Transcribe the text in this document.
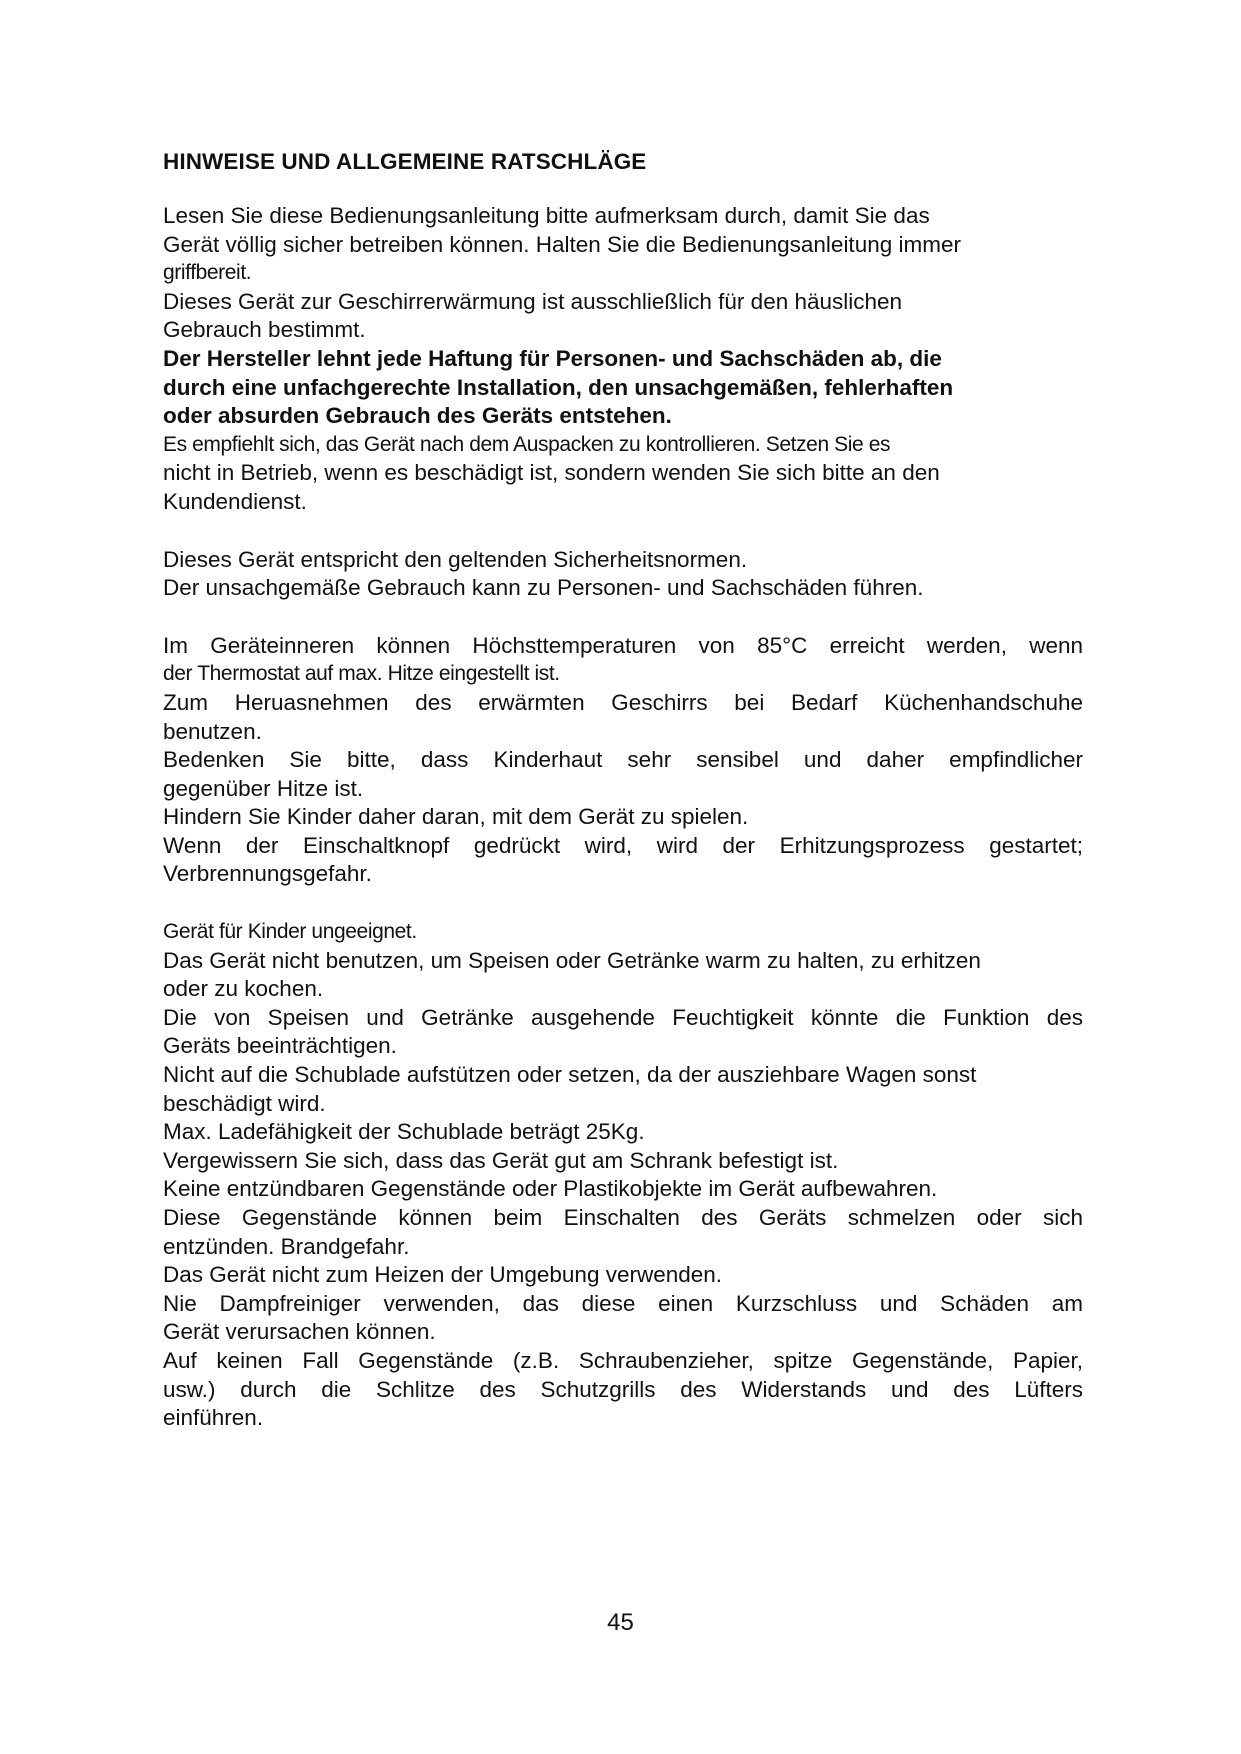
HINWEISE UND ALLGEMEINE RATSCHLÄGE
Lesen Sie diese Bedienungsanleitung bitte aufmerksam durch, damit Sie das
Gerät völlig sicher betreiben können. Halten Sie die Bedienungsanleitung immer
griffbereit.
Dieses Gerät zur Geschirrerwärmung ist ausschließlich für den häuslichen
Gebrauch bestimmt.
Der Hersteller lehnt jede Haftung für Personen- und Sachschäden ab, die
durch eine unfachgerechte Installation, den unsachgemäßen, fehlerhaften
oder absurden Gebrauch des Geräts entstehen.
Es empfiehlt sich, das Gerät nach dem Auspacken zu kontrollieren. Setzen Sie es
nicht in Betrieb, wenn es beschädigt ist, sondern wenden Sie sich bitte an den
Kundendienst.
Dieses Gerät entspricht den geltenden Sicherheitsnormen.
Der unsachgemäße Gebrauch kann zu Personen- und Sachschäden führen.
Im Geräteinneren können Höchsttemperaturen von 85°C erreicht werden, wenn
der Thermostat auf max. Hitze eingestellt ist.
Zum Heruasnehmen des erwärmten Geschirrs bei Bedarf Küchenhandschuhe
benutzen.
Bedenken Sie bitte, dass Kinderhaut sehr sensibel und daher empfindlicher
gegenüber Hitze ist.
Hindern Sie Kinder daher daran, mit dem Gerät zu spielen.
Wenn der Einschaltknopf gedrückt wird, wird der Erhitzungsprozess gestartet;
Verbrennungsgefahr.
Gerät für Kinder ungeeignet.
Das Gerät nicht benutzen, um Speisen oder Getränke warm zu halten, zu erhitzen
oder zu kochen.
Die von Speisen und Getränke ausgehende Feuchtigkeit könnte die Funktion des
Geräts beeinträchtigen.
Nicht auf die Schublade aufstützen oder setzen, da der ausziehbare Wagen sonst
beschädigt wird.
Max. Ladefähigkeit der Schublade beträgt 25Kg.
Vergewissern Sie sich, dass das Gerät gut am Schrank befestigt ist.
Keine entzündbaren Gegenstände oder Plastikobjekte im Gerät aufbewahren.
Diese Gegenstände können beim Einschalten des Geräts schmelzen oder sich
entzünden. Brandgefahr.
Das Gerät nicht zum Heizen der Umgebung verwenden.
Nie Dampfreiniger verwenden, das diese einen Kurzschluss und Schäden am
Gerät verursachen können.
Auf keinen Fall Gegenstände (z.B. Schraubenzieher, spitze Gegenstände, Papier,
usw.) durch die Schlitze des Schutzgrills des Widerstands und des Lüfters
einführen.
45
